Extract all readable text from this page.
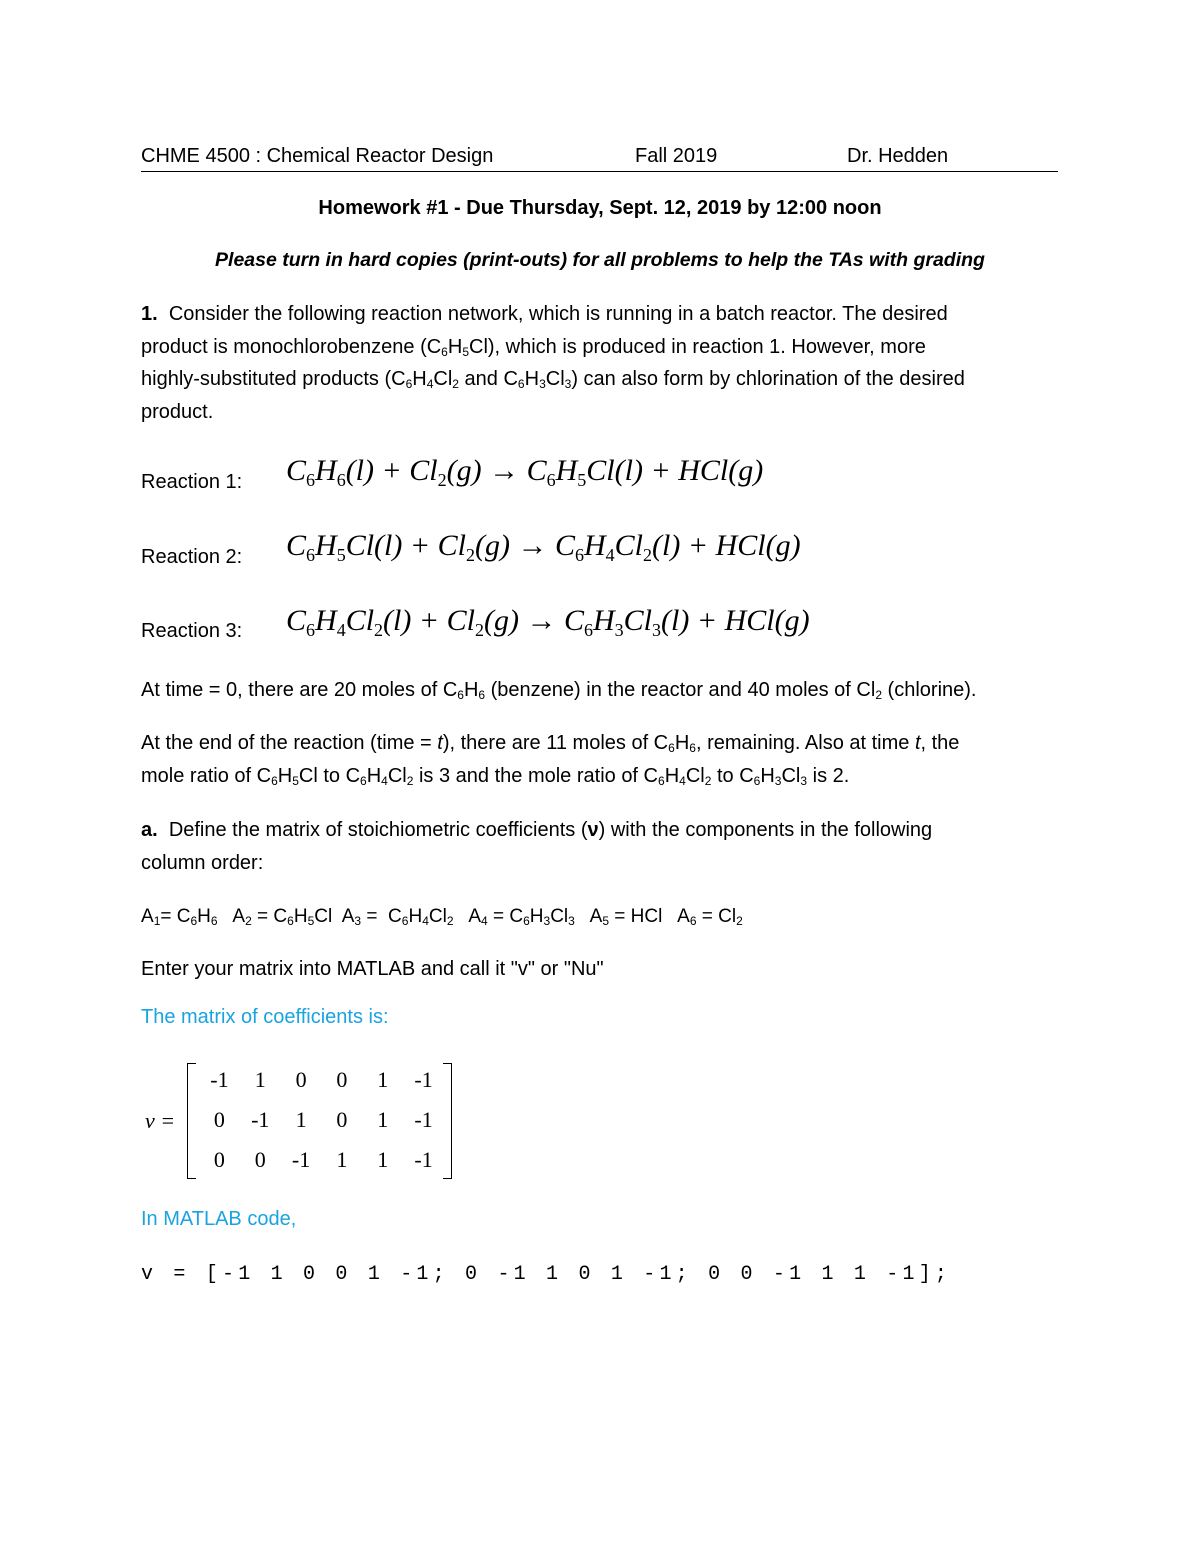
CHME 4500 : Chemical Reactor Design	Fall 2019	Dr. Hedden
Homework #1 - Due Thursday, Sept. 12, 2019 by 12:00 noon
Please turn in hard copies (print-outs) for all problems to help the TAs with grading
1. Consider the following reaction network, which is running in a batch reactor. The desired
product is monochlorobenzene $(C_6H_5Cl)$, which is produced in reaction 1. However, more
highly-substituted products ($C_6H_4Cl_2$ and $C_6H_3Cl_3$) can also form by chlorination of the desired
product.
Reaction 1: $C_6H_6(l) + Cl_2(g) \to C_6H_5Cl(l) + HCl(g)$
Reaction 2: $C_6H_5Cl(l) + Cl_2(g) \to C_6H_4Cl_2(l) + HCl(g)$
Reaction 3: $C_6H_4Cl_2(l) + Cl_2(g) \to C_6H_3Cl_3(l) + HCl(g)$
At time = 0, there are 20 moles of $C_6H_6$ (benzene) in the reactor and 40 moles of $Cl_2$ (chlorine).
At the end of the reaction (time = t), there are 11 moles of $C_6H_6$, remaining. Also at time t, the
mole ratio of $C_6H_5Cl$ to $C_6H_4Cl_2$ is 3 and the mole ratio of $C_6H_4Cl_2$ to $C_6H_3Cl_3$ is 2.
a. Define the matrix of stoichiometric coefficients (ν) with the components in the following
column order:
$A_1= C_6H_6$ $A_2 = C_6H_5Cl$ $A_3 = C_6H_4Cl_2$ $A_4 = C_6H_3Cl_3$ $A_5$ = HCl $A_6 = Cl_2$
Enter your matrix into MATLAB and call it "v" or "Nu"
The matrix of coefficients is:
ν =
-1	1	0	0	1	-1
0	-1	1	0	1	-1
0	0	-1	1	1	-1
In MATLAB code,
v = [-1 1 0 0 1 -1; 0 -1 1 0 1 -1; 0 0 -1 1 1 -1];
